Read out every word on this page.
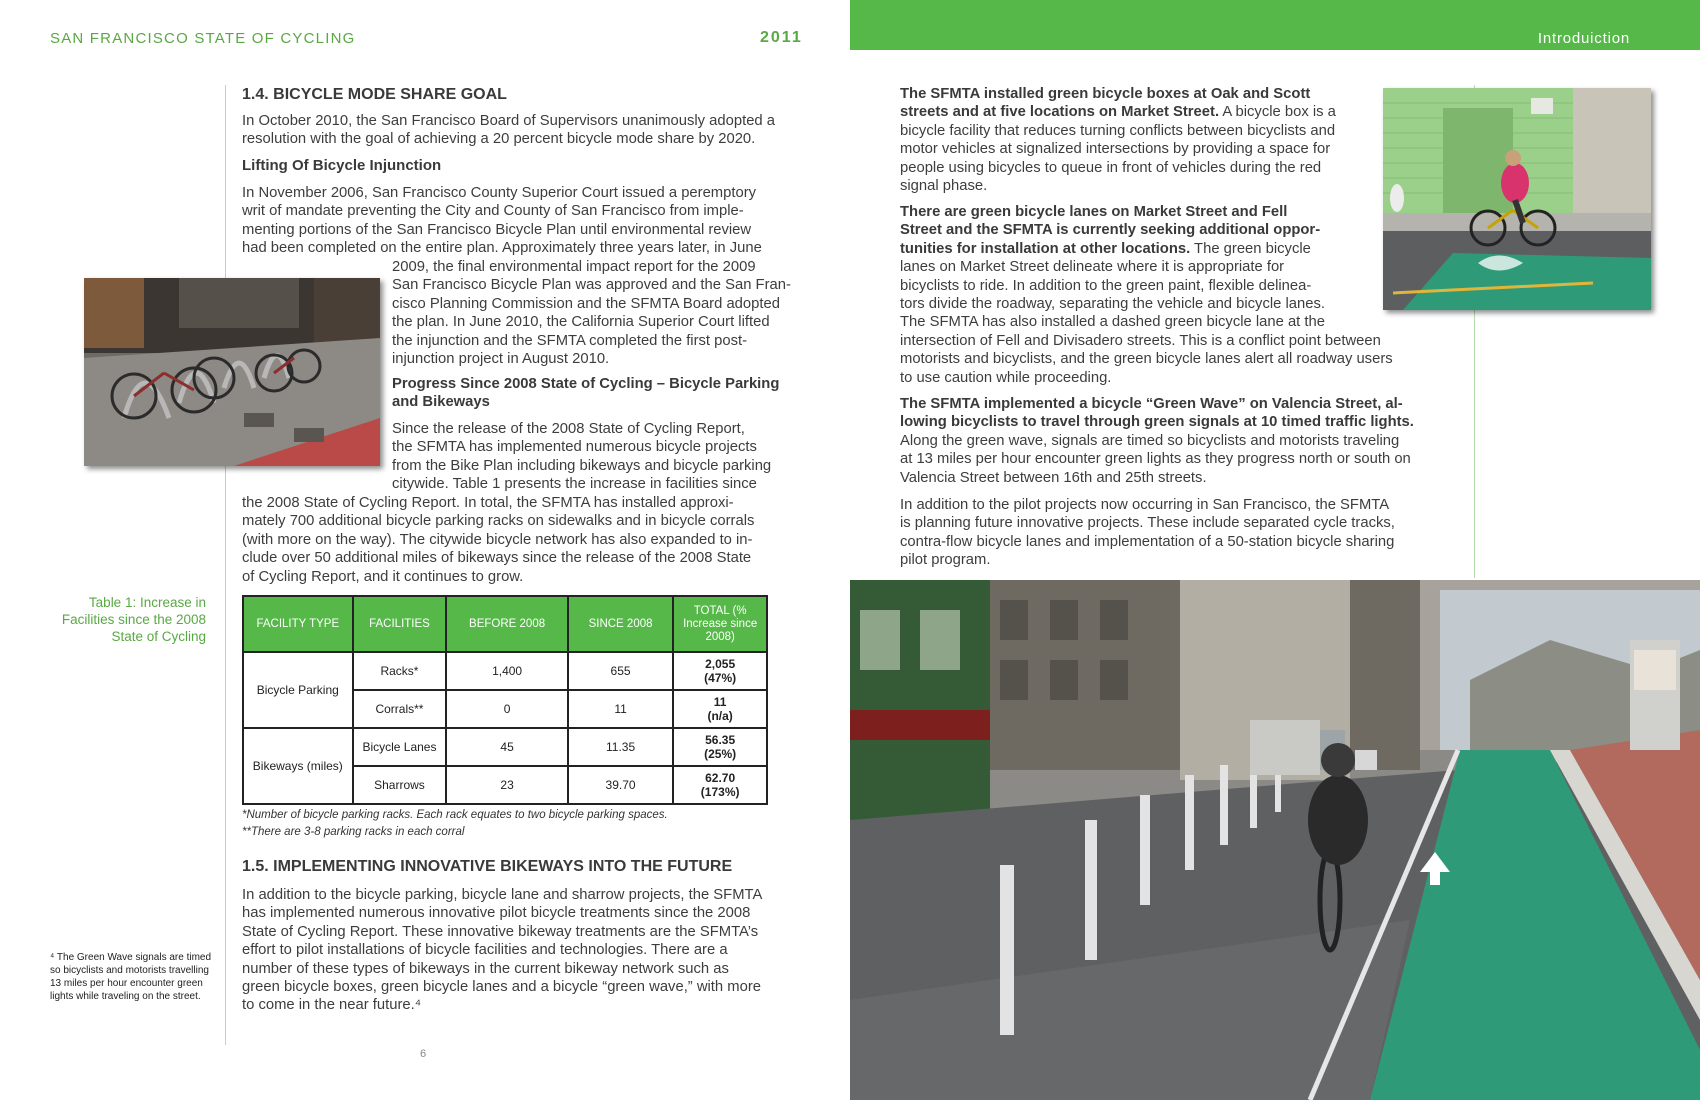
SAN FRANCISCO STATE OF CYCLING	2011	Introduiction
1.4. BICYCLE MODE SHARE GOAL
In October 2010, the San Francisco Board of Supervisors unanimously adopted a
resolution with the goal of achieving a 20 percent bicycle mode share by 2020.
Lifting Of Bicycle Injunction
In November 2006, San Francisco County Superior Court issued a peremptory
writ of mandate preventing the City and County of San Francisco from imple-
menting portions of the San Francisco Bicycle Plan until environmental review
had been completed on the entire plan. Approximately three years later, in June
2009, the final environmental impact report for the 2009
San Francisco Bicycle Plan was approved and the San Fran-
cisco Planning Commission and the SFMTA Board adopted
the plan. In June 2010, the California Superior Court lifted
the injunction and the SFMTA completed the first post-
injunction project in August 2010.
Progress Since 2008 State of Cycling – Bicycle Parking
and Bikeways
Since the release of the 2008 State of Cycling Report,
the SFMTA has implemented numerous bicycle projects
from the Bike Plan including bikeways and bicycle parking
citywide. Table 1 presents the increase in facilities since
the 2008 State of Cycling Report. In total, the SFMTA has installed approxi-
mately 700 additional bicycle parking racks on sidewalks and in bicycle corrals
(with more on the way). The citywide bicycle network has also expanded to in-
clude over 50 additional miles of bikeways since the release of the 2008 State
of Cycling Report, and it continues to grow.
Table 1: Increase in Facilities since the 2008 State of Cycling
FACILITY TYPE	FACILITIES	BEFORE 2008	SINCE 2008	TOTAL (% Increase since 2008)
Bicycle Parking	Racks*	1,400	655	2,055
(47%)

	Corrals**	0	11	11
(n/a)

Bikeways (miles)	Bicycle Lanes	45	11.35	56.35
(25%)

	Sharrows	23	39.70	62.70
(173%)
*Number of bicycle parking racks. Each rack equates to two bicycle parking spaces.
**There are 3-8 parking racks in each corral
1.5. IMPLEMENTING INNOVATIVE BIKEWAYS INTO THE FUTURE
In addition to the bicycle parking, bicycle lane and sharrow projects, the SFMTA
has implemented numerous innovative pilot bicycle treatments since the 2008
State of Cycling Report. These innovative bikeway treatments are the SFMTA’s
effort to pilot installations of bicycle facilities and technologies. There are a
number of these types of bikeways in the current bikeway network such as
green bicycle boxes, green bicycle lanes and a bicycle “green wave,” with more
to come in the near future.⁴
⁴ The Green Wave signals are timed so bicyclists and motorists travelling 13 miles per hour encounter green lights while traveling on the street.
6
The SFMTA installed green bicycle boxes at Oak and Scott
streets and at five locations on Market Street. A bicycle box is a
bicycle facility that reduces turning conflicts between bicyclists and
motor vehicles at signalized intersections by providing a space for
people using bicycles to queue in front of vehicles during the red
signal phase.
There are green bicycle lanes on Market Street and Fell
Street and the SFMTA is currently seeking additional oppor-
tunities for installation at other locations. The green bicycle
lanes on Market Street delineate where it is appropriate for
bicyclists to ride. In addition to the green paint, flexible delinea-
tors divide the roadway, separating the vehicle and bicycle lanes.
The SFMTA has also installed a dashed green bicycle lane at the
intersection of Fell and Divisadero streets. This is a conflict point between
motorists and bicyclists, and the green bicycle lanes alert all roadway users
to use caution while proceeding.
The SFMTA implemented a bicycle “Green Wave” on Valencia Street, al-
lowing bicyclists to travel through green signals at 10 timed traffic lights.
Along the green wave, signals are timed so bicyclists and motorists traveling
at 13 miles per hour encounter green lights as they progress north or south on
Valencia Street between 16th and 25th streets.
In addition to the pilot projects now occurring in San Francisco, the SFMTA
is planning future innovative projects. These include separated cycle tracks,
contra-flow bicycle lanes and implementation of a 50-station bicycle sharing
pilot program.
